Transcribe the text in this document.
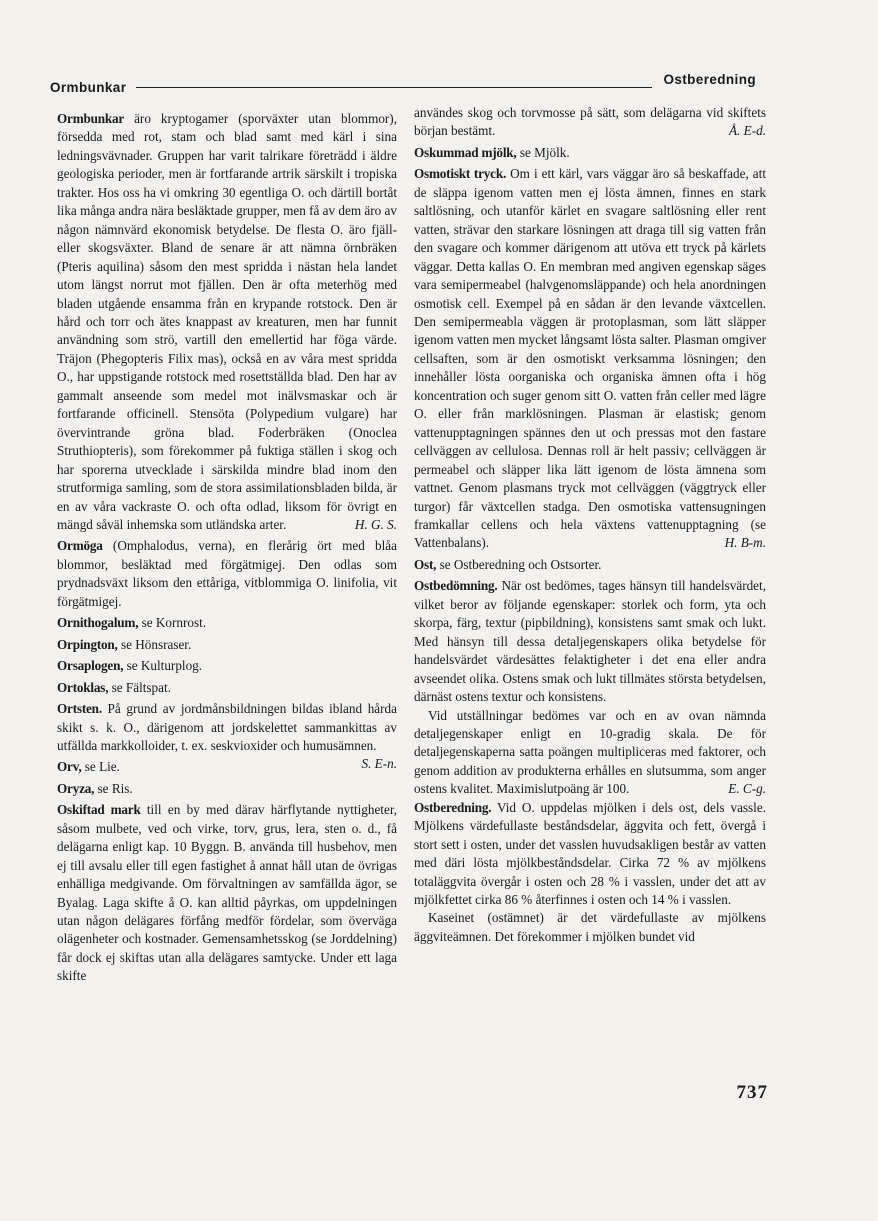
Ormbunkar
Ostberedning

Ormbunkar äro kryptogamer (sporväxter utan blommor), försedda med rot, stam och blad samt med kärl i sina ledningsvävnader. Gruppen har varit talrikare företrädd i äldre geologiska perioder, men är fortfarande artrik särskilt i tropiska trakter. Hos oss ha vi omkring 30 egentliga O. och därtill bortåt lika många andra nära besläktade grupper, men få av dem äro av någon nämnvärd ekonomisk betydelse. De flesta O. äro fjäll- eller skogsväxter. Bland de senare är att nämna örnbräken (Pteris aquilina) såsom den mest spridda i nästan hela landet utom längst norrut mot fjällen. Den är ofta meterhög med bladen utgående ensamma från en krypande rotstock. Den är hård och torr och ätes knappast av kreaturen, men har funnit användning som strö, vartill den emellertid har föga värde. Träjon (Phegopteris Filix mas), också en av våra mest spridda O., har uppstigande rotstock med rosettställda blad. Den har av gammalt anseende som medel mot inälvsmaskar och är fortfarande officinell. Stensöta (Polypedium vulgare) har övervintrande gröna blad. Foderbräken (Onoclea Struthiopteris), som förekommer på fuktiga ställen i skog och har sporerna utvecklade i särskilda mindre blad inom den strutformiga samling, som de stora assimilationsbladen bilda, är en av våra vackraste O. och ofta odlad, liksom för övrigt en mängd såväl inhemska som utländska arter.	H. G. S.

Ormöga (Omphalodus, verna), en flerårig ört med blåa blommor, besläktad med förgätmigej. Den odlas som prydnadsväxt liksom den ettåriga, vitblommiga O. linifolia, vit förgätmigej.

Ornithogalum, se Kornrost.

Orpington, se Hönsraser.

Orsaplogen, se Kulturplog.

Ortoklas, se Fältspat.

Ortsten. På grund av jordmånsbildningen bildas ibland hårda skikt s. k. O., därigenom att jordskelettet sammankittas av utfällda markkolloider, t. ex. seskvioxider och humusämnen.
S. E-n.

Orv, se Lie.

Oryza, se Ris.

Oskiftad mark till en by med därav härflytande nyttigheter, såsom mulbete, ved och virke, torv, grus, lera, sten o. d., få delägarna enligt kap. 10 Byggn. B. använda till husbehov, men ej till avsalu eller till egen fastighet å annat håll utan de övrigas enhälliga medgivande. Om förvaltningen av samfällda ägor, se Byalag. Laga skifte å O. kan alltid påyrkas, om uppdelningen utan någon delägares förfång medför fördelar, som överväga olägenheter och kostnader. Gemensamhetsskog (se Jorddelning) får dock ej skiftas utan alla delägares samtycke. Under ett laga skifte

användes skog och torvmosse på sätt, som delägarna vid skiftets början bestämt.	Å. E-d.

Oskummad mjölk, se Mjölk.

Osmotiskt tryck. Om i ett kärl, vars väggar äro så beskaffade, att de släppa igenom vatten men ej lösta ämnen, finnes en stark saltlösning, och utanför kärlet en svagare saltlösning eller rent vatten, strävar den starkare lösningen att draga till sig vatten från den svagare och kommer därigenom att utöva ett tryck på kärlets väggar. Detta kallas O. En membran med angiven egenskap säges vara semipermeabel (halvgenomsläppande) och hela anordningen osmotisk cell. Exempel på en sådan är den levande växtcellen. Den semipermeabla väggen är protoplasman, som lätt släpper igenom vatten men mycket långsamt lösta salter. Plasman omgiver cellsaften, som är den osmotiskt verksamma lösningen; den innehåller lösta oorganiska och organiska ämnen ofta i hög koncentration och suger genom sitt O. vatten från celler med lägre O. eller från marklösningen. Plasman är elastisk; genom vattenupptagningen spännes den ut och pressas mot den fastare cellväggen av cellulosa. Dennas roll är helt passiv; cellväggen är permeabel och släpper lika lätt igenom de lösta ämnena som vattnet. Genom plasmans tryck mot cellväggen (väggtryck eller turgor) får växtcellen stadga. Den osmotiska vattensugningen framkallar cellens och hela växtens vattenupptagning (se Vattenbalans).	H. B-m.

Ost, se Ostberedning och Ostsorter.

Ostbedömning. När ost bedömes, tages hänsyn till handelsvärdet, vilket beror av följande egenskaper: storlek och form, yta och skorpa, färg, textur (pipbildning), konsistens samt smak och lukt. Med hänsyn till dessa detaljegenskapers olika betydelse för handelsvärdet värdesättes felaktigheter i det ena eller andra avseendet olika. Ostens smak och lukt tillmätes största betydelsen, därnäst ostens textur och konsistens.

Vid utställningar bedömes var och en av ovan nämnda detaljegenskaper enligt en 10-gradig skala. De för detaljegenskaperna satta poängen multipliceras med faktorer, och genom addition av produkterna erhålles en slutsumma, som anger ostens kvalitet. Maximislutpoäng är 100.	E. C-g.

Ostberedning. Vid O. uppdelas mjölken i dels ost, dels vassle. Mjölkens värdefullaste beståndsdelar, äggvita och fett, övergå i stort sett i osten, under det vasslen huvudsakligen består av vatten med däri lösta mjölkbeståndsdelar. Cirka 72 % av mjölkens totaläggvita övergår i osten och 28 % i vasslen, under det att av mjölkfettet cirka 86 % återfinnes i osten och 14 % i vasslen.

Kaseinet (ostämnet) är det värdefullaste av mjölkens äggviteämnen. Det förekommer i mjölken bundet vid

737
